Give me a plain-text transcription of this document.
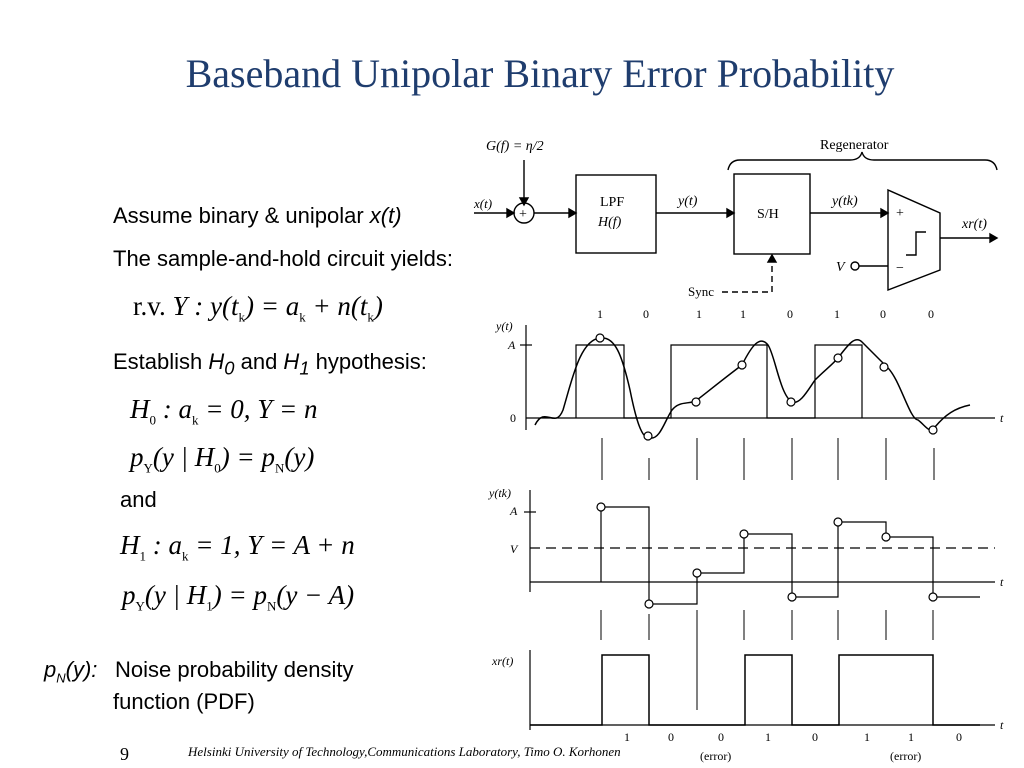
Baseband Unipolar Binary Error Probability
Assume binary & unipolar x(t)
The sample-and-hold circuit yields:
r.v. Y : $y(t_k) = a_k + n(t_k)$
Establish $H_0$ and $H_1$ hypothesis:
$H_0$ : $a_k = 0$, Y = n
$p_Y(y$ | $H_0) = p_N(y)$
and
$H_1$ : $a_k = 1$, Y = A + n
$p_Y(y$ | $H_1) = p_N(y - A)$
$p_N(y)$: Noise probability density
function (PDF)
9	Helsinki University of Technology,Communications Laboratory, Timo O. Korhonen
G(f) = η/2
x(t)
+
LPF
H(f)
y(t)
S/H
y(tk)
+
−
xr(t)
V
Sync
Regenerator
1	0	1	1	0	1	0	0
y(t)
A
0	t
y(tk)
A
V
t
xr(t)
t
1	0	0	1	0	1	1	0
(error)	(error)
